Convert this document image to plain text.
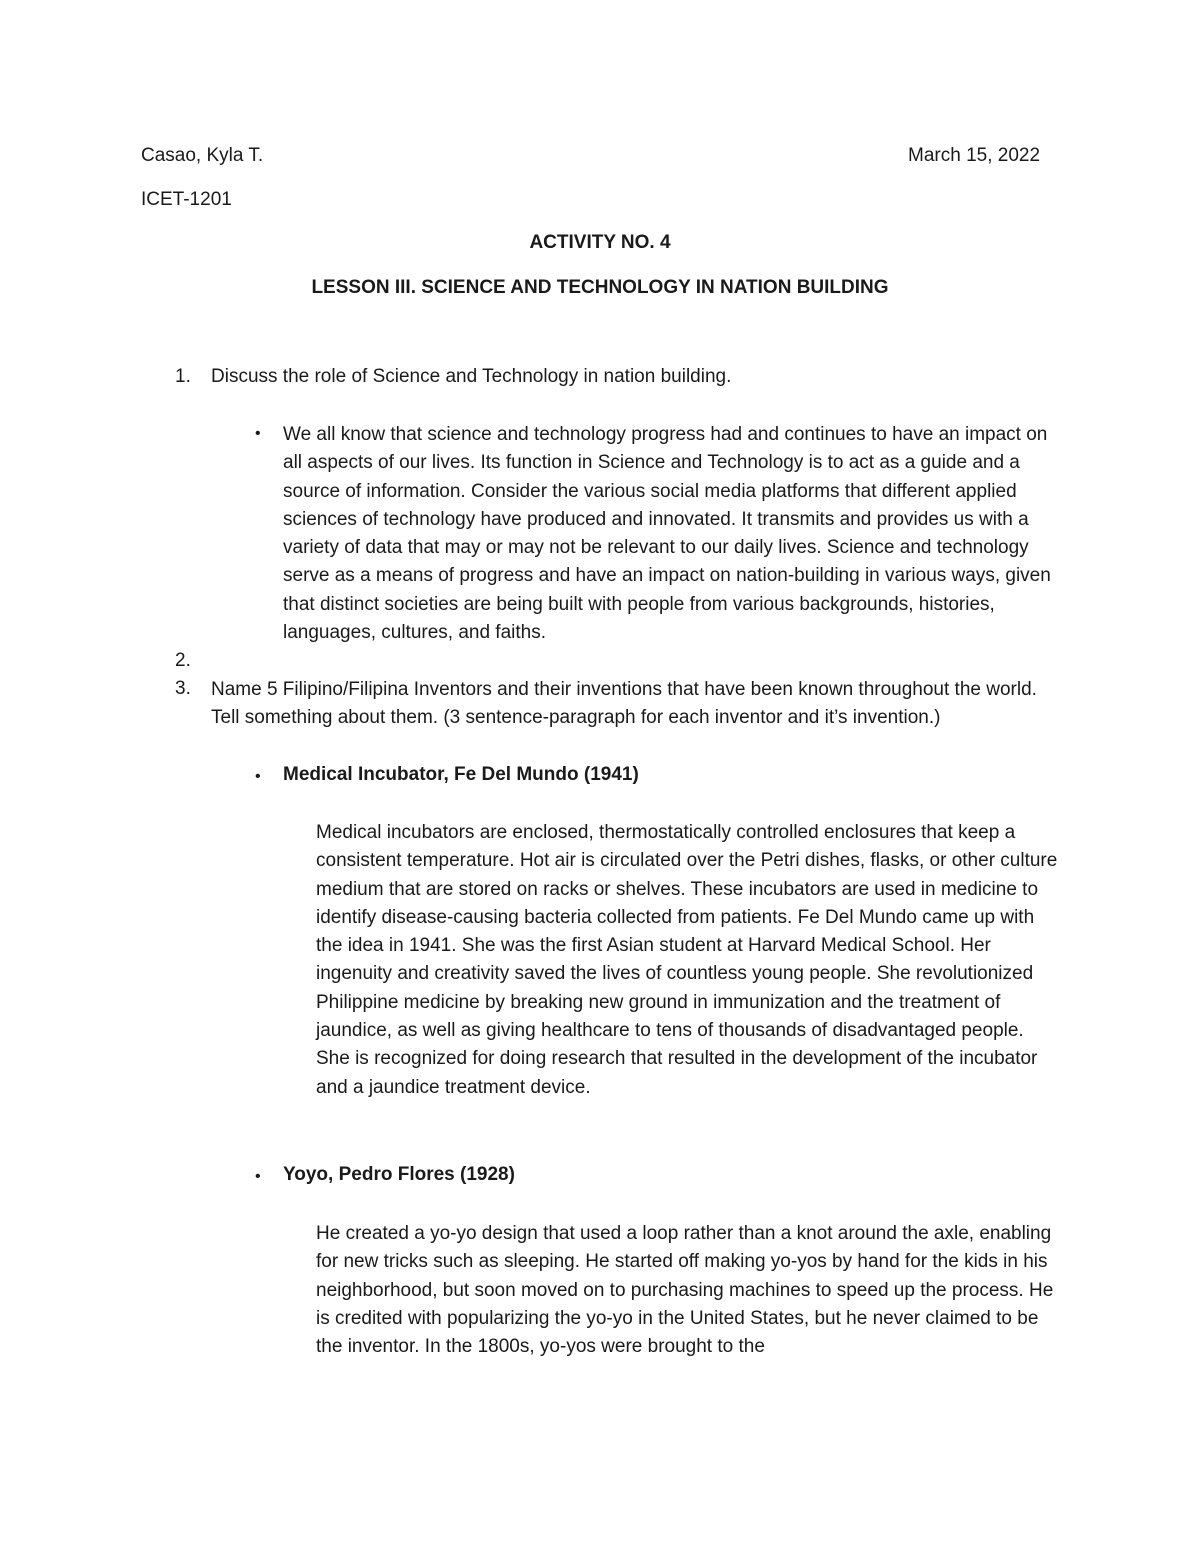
Casao, Kyla T.	March 15, 2022
ICET-1201
ACTIVITY NO. 4
LESSON III. SCIENCE AND TECHNOLOGY IN NATION BUILDING
1. Discuss the role of Science and Technology in nation building.
• We all know that science and technology progress had and continues to have an impact on all aspects of our lives. Its function in Science and Technology is to act as a guide and a source of information. Consider the various social media platforms that different applied sciences of technology have produced and innovated. It transmits and provides us with a variety of data that may or may not be relevant to our daily lives. Science and technology serve as a means of progress and have an impact on nation-building in various ways, given that distinct societies are being built with people from various backgrounds, histories, languages, cultures, and faiths.
2.
3. Name 5 Filipino/Filipina Inventors and their inventions that have been known throughout the world. Tell something about them. (3 sentence-paragraph for each inventor and it’s invention.)
• Medical Incubator, Fe Del Mundo (1941)
Medical incubators are enclosed, thermostatically controlled enclosures that keep a consistent temperature. Hot air is circulated over the Petri dishes, flasks, or other culture medium that are stored on racks or shelves. These incubators are used in medicine to identify disease-causing bacteria collected from patients. Fe Del Mundo came up with the idea in 1941. She was the first Asian student at Harvard Medical School. Her ingenuity and creativity saved the lives of countless young people. She revolutionized Philippine medicine by breaking new ground in immunization and the treatment of jaundice, as well as giving healthcare to tens of thousands of disadvantaged people. She is recognized for doing research that resulted in the development of the incubator and a jaundice treatment device.
• Yoyo, Pedro Flores (1928)
He created a yo-yo design that used a loop rather than a knot around the axle, enabling for new tricks such as sleeping. He started off making yo-yos by hand for the kids in his neighborhood, but soon moved on to purchasing machines to speed up the process. He is credited with popularizing the yo-yo in the United States, but he never claimed to be the inventor. In the 1800s, yo-yos were brought to the
